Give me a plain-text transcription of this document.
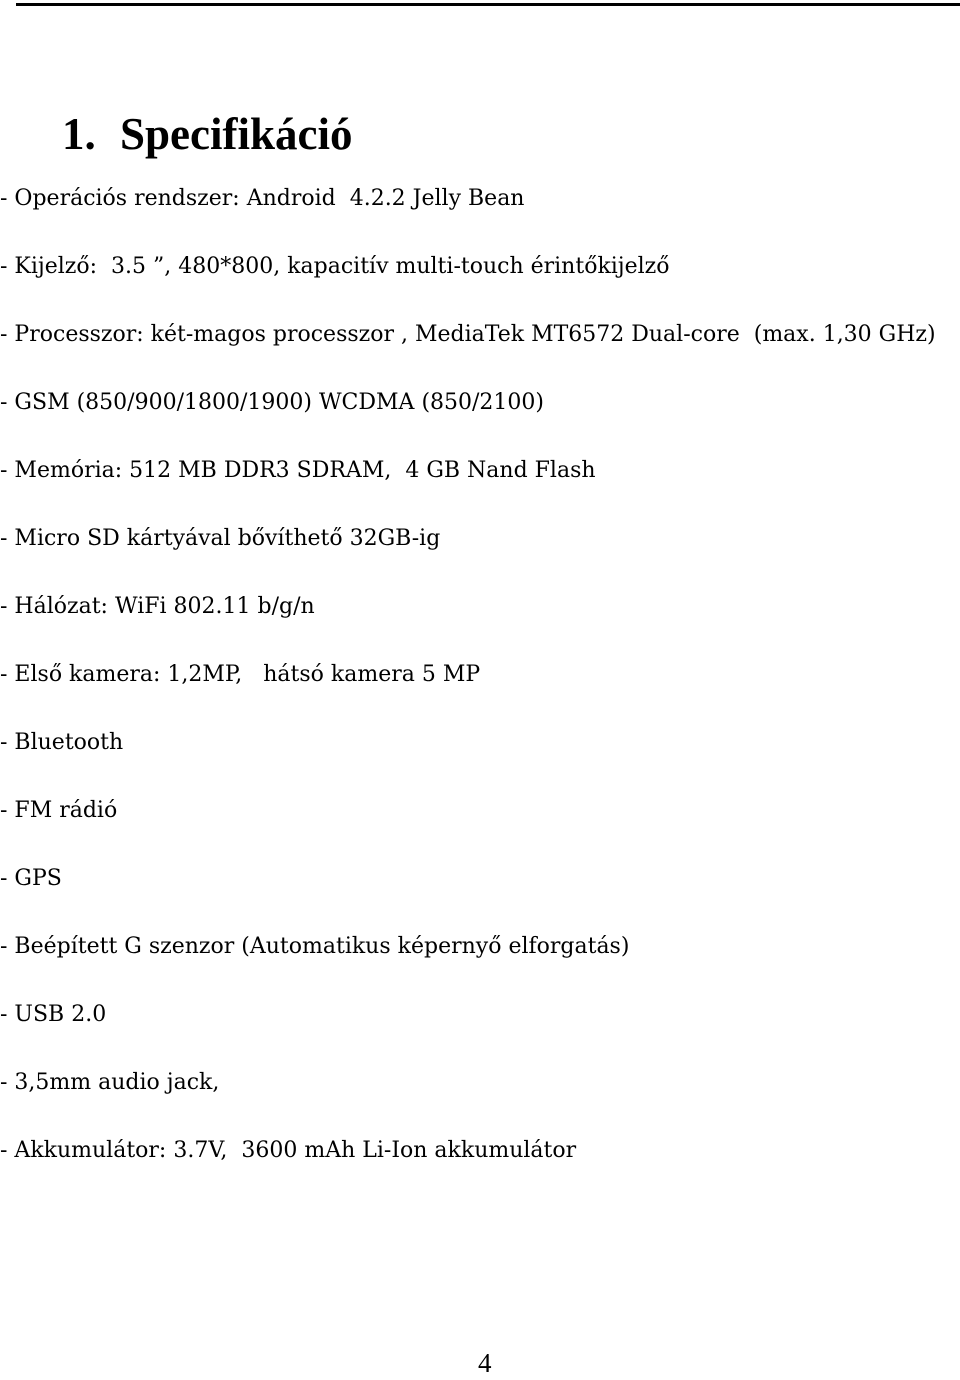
1. Specifikáció
- Operációs rendszer: Android  4.2.2 Jelly Bean
- Kijelző:  3.5 ”, 480*800, kapacitív multi-touch érintőkijelző
- Processzor: két-magos processzor , MediaTek MT6572 Dual-core  (max. 1,30 GHz)
- GSM (850/900/1800/1900) WCDMA (850/2100)
- Memória: 512 MB DDR3 SDRAM,  4 GB Nand Flash
- Micro SD kártyával bővíthető 32GB-ig
- Hálózat: WiFi 802.11 b/g/n
- Első kamera: 1,2MP,   hátsó kamera 5 MP
- Bluetooth
- FM rádió
- GPS
- Beépített G szenzor (Automatikus képernyő elforgatás)
- USB 2.0
- 3,5mm audio jack,
- Akkumulátor: 3.7V,  3600 mAh Li-Ion akkumulátor
4
